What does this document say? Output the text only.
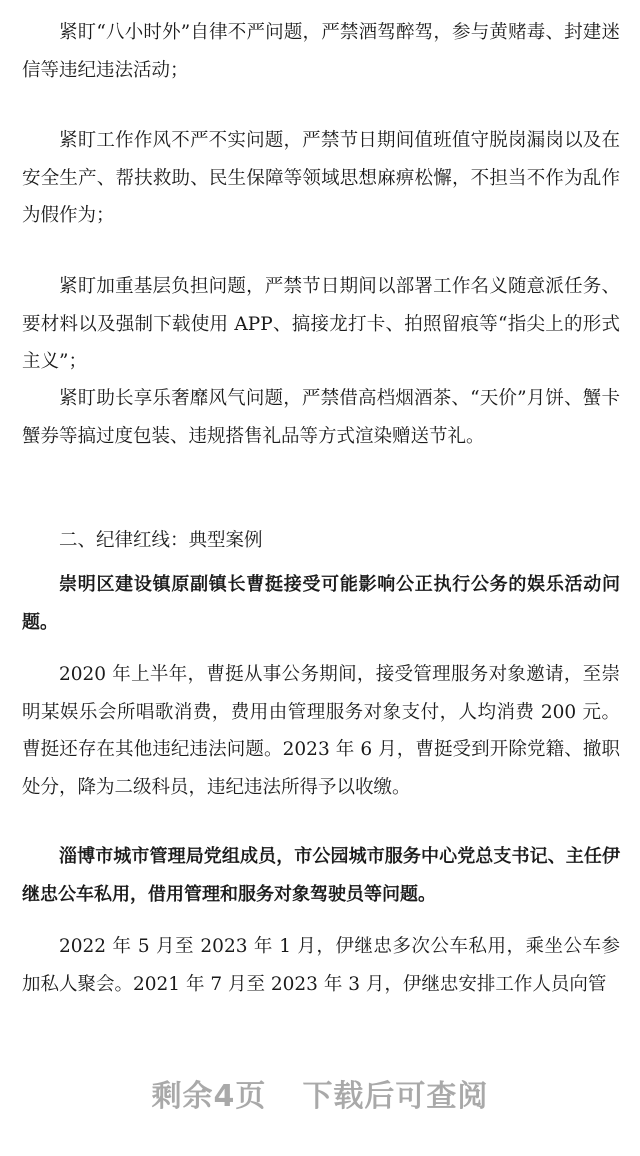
紧盯“八小时外”自律不严问题，严禁酒驾醉驾，参与黄赌毒、封建迷信等违纪违法活动；

紧盯工作作风不严不实问题，严禁节日期间值班值守脱岗漏岗以及在安全生产、帮扶救助、民生保障等领域思想麻痹松懈，不担当不作为乱作为假作为；

紧盯加重基层负担问题，严禁节日期间以部署工作名义随意派任务、要材料以及强制下载使用 APP、搞接龙打卡、拍照留痕等“指尖上的形式主义”；

紧盯助长享乐奢靡风气问题，严禁借高档烟酒茶、“天价”月饼、蟹卡蟹券等搞过度包装、违规搭售礼品等方式渲染赠送节礼。

二、纪律红线：典型案例

崇明区建设镇原副镇长曹挺接受可能影响公正执行公务的娱乐活动问题。

2020 年上半年，曹挺从事公务期间，接受管理服务对象邀请，至崇明某娱乐会所唱歌消费，费用由管理服务对象支付，人均消费 200 元。曹挺还存在其他违纪违法问题。2023 年 6 月，曹挺受到开除党籍、撤职处分，降为二级科员，违纪违法所得予以收缴。

淄博市城市管理局党组成员，市公园城市服务中心党总支书记、主任伊继忠公车私用，借用管理和服务对象驾驶员等问题。

2022 年 5 月至 2023 年 1 月，伊继忠多次公车私用，乘坐公车参加私人聚会。2021 年 7 月至 2023 年 3 月，伊继忠安排工作人员向管

剩余4页 下载后可查阅
